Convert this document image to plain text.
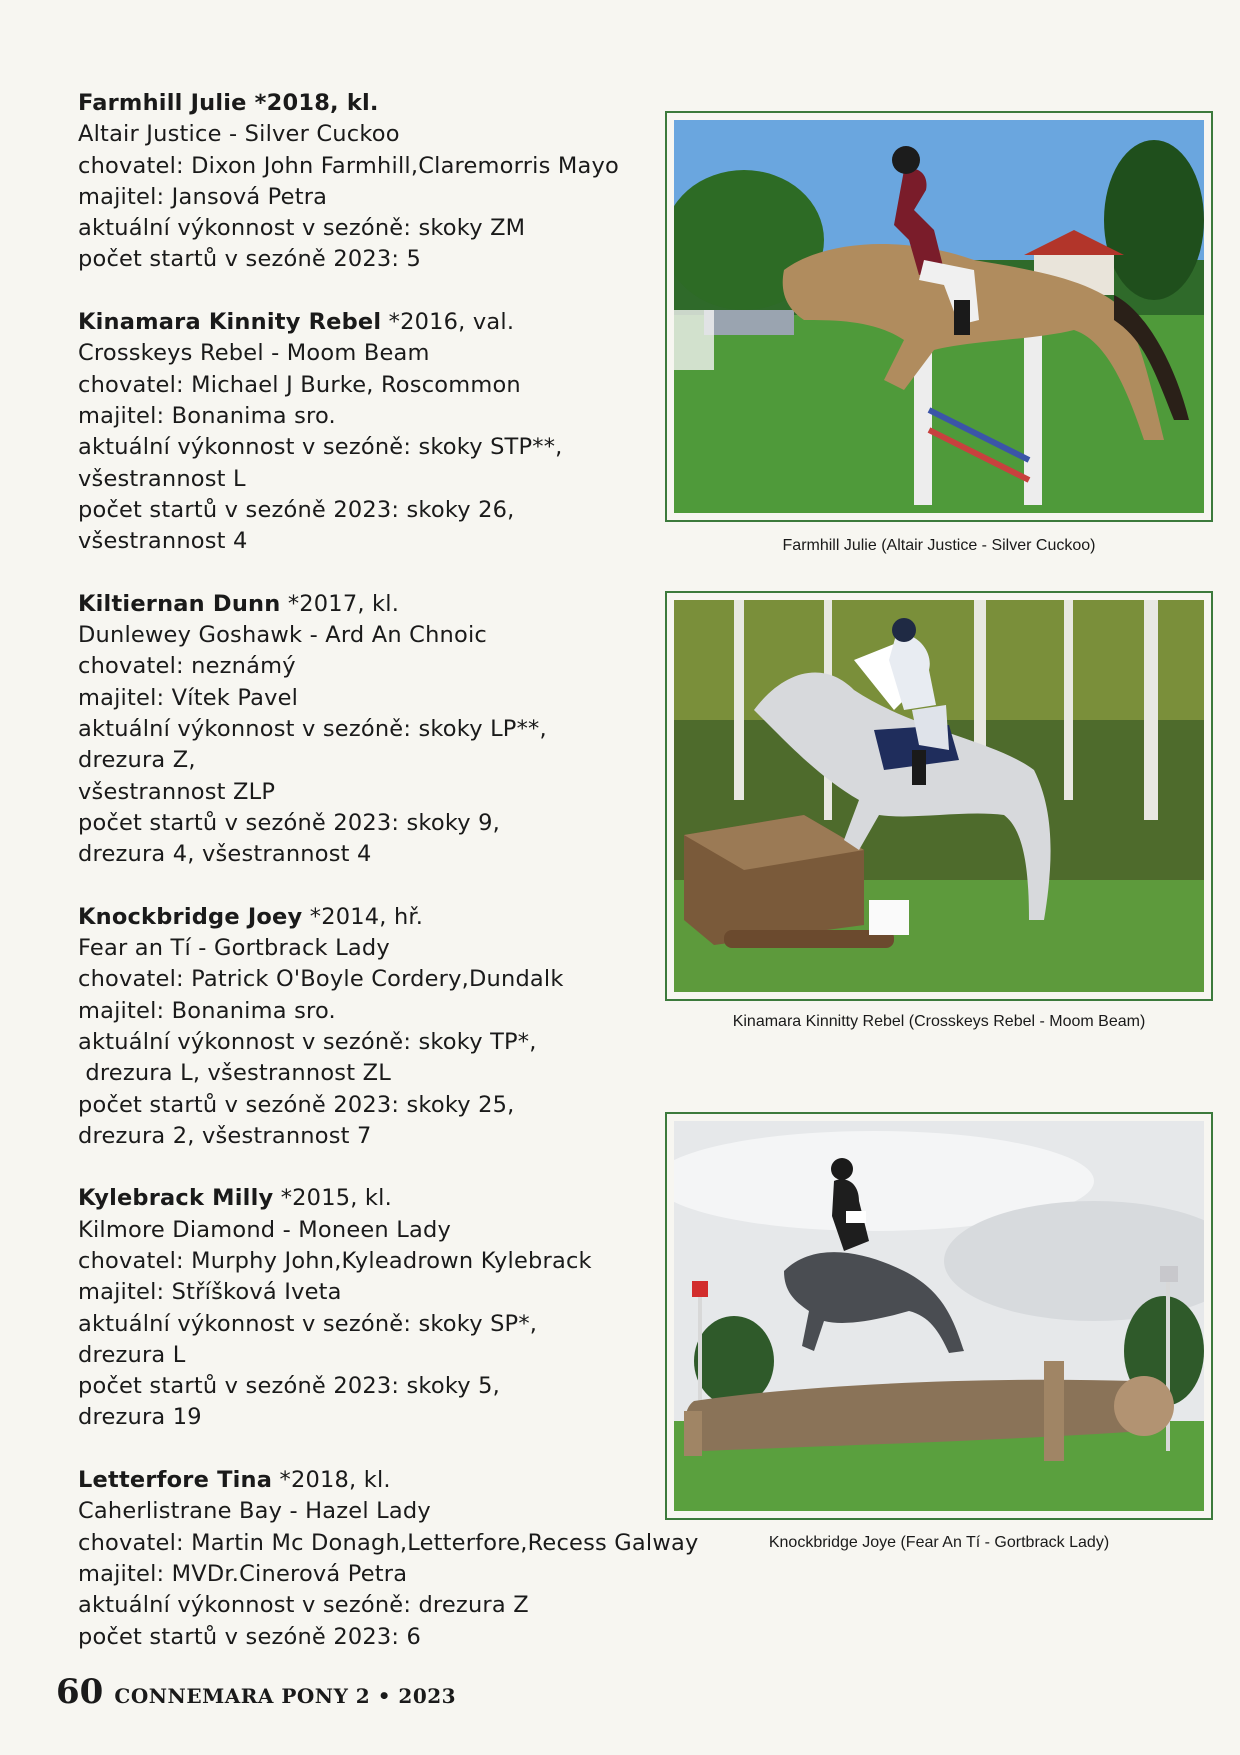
Farmhill Julie *2018, kl.
Altair Justice - Silver Cuckoo
chovatel: Dixon John Farmhill,Claremorris Mayo
majitel: Jansová Petra
aktuální výkonnost v sezóně: skoky ZM
počet startů v sezóně 2023: 5
Kinamara Kinnity Rebel *2016, val.
Crosskeys Rebel - Moom Beam
chovatel: Michael J Burke, Roscommon
majitel: Bonanima sro.
aktuální výkonnost v sezóně: skoky STP**,
všestrannost L
počet startů v sezóně 2023: skoky 26,
všestrannost 4
Kiltiernan Dunn *2017, kl.
Dunlewey Goshawk - Ard An Chnoic
chovatel: neznámý
majitel: Vítek Pavel
aktuální výkonnost v sezóně: skoky LP**,
drezura Z,
všestrannost ZLP
počet startů v sezóně 2023: skoky 9,
drezura 4, všestrannost 4
Knockbridge Joey *2014, hř.
Fear an Tí - Gortbrack Lady
chovatel: Patrick O'Boyle Cordery,Dundalk
majitel: Bonanima sro.
aktuální výkonnost v sezóně: skoky TP*,
drezura L, všestrannost ZL
počet startů v sezóně 2023: skoky 25,
drezura 2, všestrannost 7
Kylebrack Milly *2015, kl.
Kilmore Diamond - Moneen Lady
chovatel: Murphy John,Kyleadrown Kylebrack
majitel: Stříšková Iveta
aktuální výkonnost v sezóně: skoky SP*,
drezura L
počet startů v sezóně 2023: skoky 5,
drezura 19
Letterfore Tina *2018, kl.
Caherlistrane Bay - Hazel Lady
chovatel: Martin Mc Donagh,Letterfore,Recess Galway
majitel: MVDr.Cinerová Petra
aktuální výkonnost v sezóně: drezura Z
počet startů v sezóně 2023: 6
Farmhill Julie (Altair Justice - Silver Cuckoo)
Kinamara Kinnitty Rebel (Crosskeys Rebel - Moom Beam)
Knockbridge Joye (Fear An Tí - Gortbrack Lady)
60 CONNEMARA PONY 2 • 2023
